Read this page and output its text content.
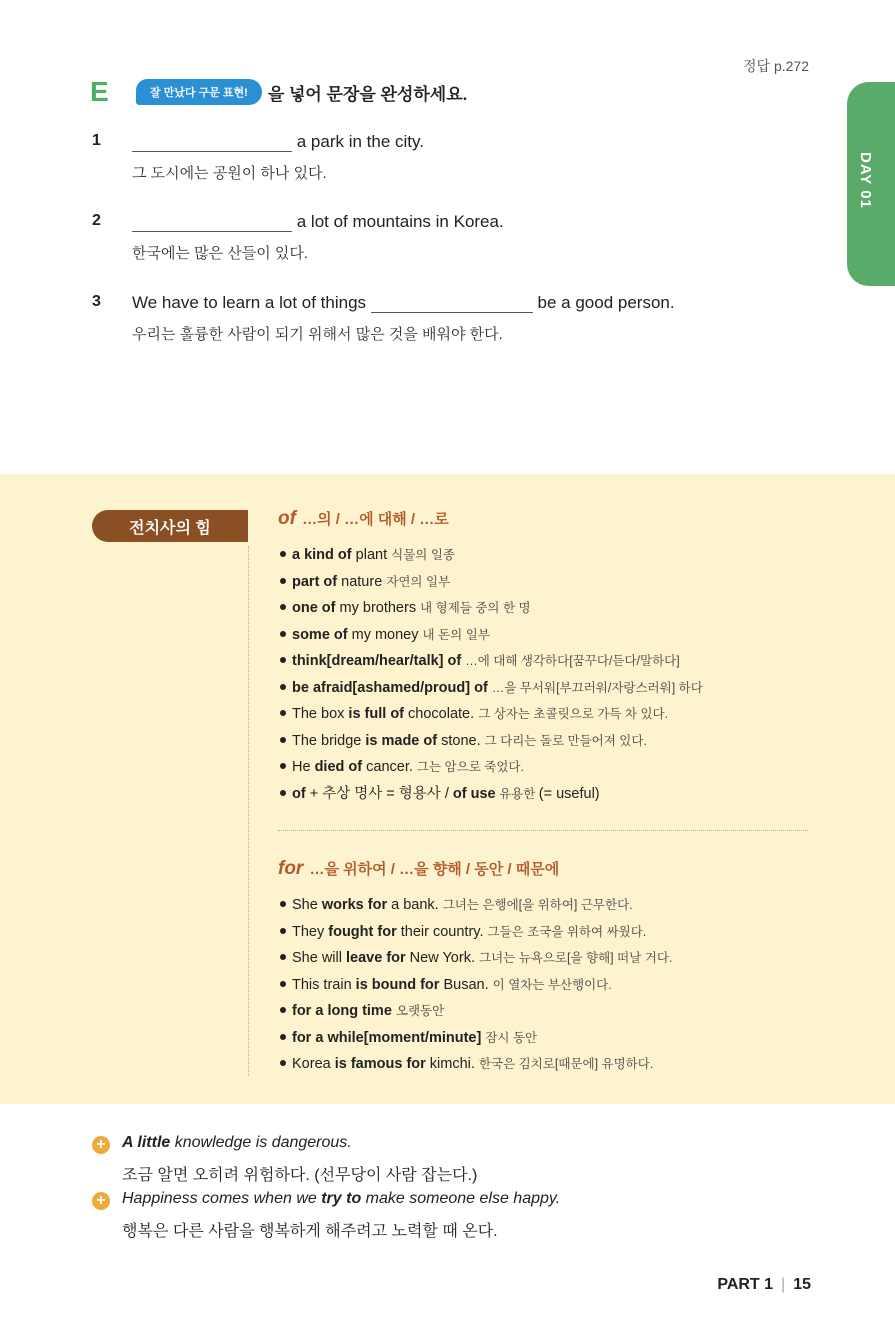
정답 p.272
DAY 01
E	잘 만났다 구문 표현!	을 넣어 문장을 완성하세요.
1	a park in the city.
그 도시에는 공원이 하나 있다.
2	a lot of mountains in Korea.
한국에는 많은 산들이 있다.
3 We have to learn a lot of things	be a good person.
우리는 훌륭한 사람이 되기 위해서 많은 것을 배워야 한다.
전치사의 힘	of …의 / …에 대해 / …로
a kind of plant 식물의 일종
part of nature 자연의 일부
one of my brothers 내 형제들 중의 한 명
some of my money 내 돈의 일부
think[dream/hear/talk] of …에 대해 생각하다[꿈꾸다/듣다/말하다]
be afraid[ashamed/proud] of …을 무서워[부끄러워/자랑스러워] 하다
The box is full of chocolate. 그 상자는 초콜릿으로 가득 차 있다.
The bridge is made of stone. 그 다리는 돌로 만들어져 있다.
He died of cancer. 그는 암으로 죽었다.
of + 추상 명사 = 형용사 / of use 유용한 (= useful)
for …을 위하여 / …을 향해 / 동안 / 때문에
She works for a bank. 그녀는 은행에[을 위하여] 근무한다.
They fought for their country. 그들은 조국을 위하여 싸웠다.
She will leave for New York. 그녀는 뉴욕으로[을 향해] 떠날 거다.
This train is bound for Busan. 이 열차는 부산행이다.
for a long time 오랫동안
for a while[moment/minute] 잠시 동안
Korea is famous for kimchi. 한국은 김치로[때문에] 유명하다.
+ A little knowledge is dangerous.
조금 알면 오히려 위험하다. (선무당이 사람 잡는다.)
+ Happiness comes when we try to make someone else happy.
행복은 다른 사람을 행복하게 해주려고 노력할 때 온다.
PART 1 | 15
